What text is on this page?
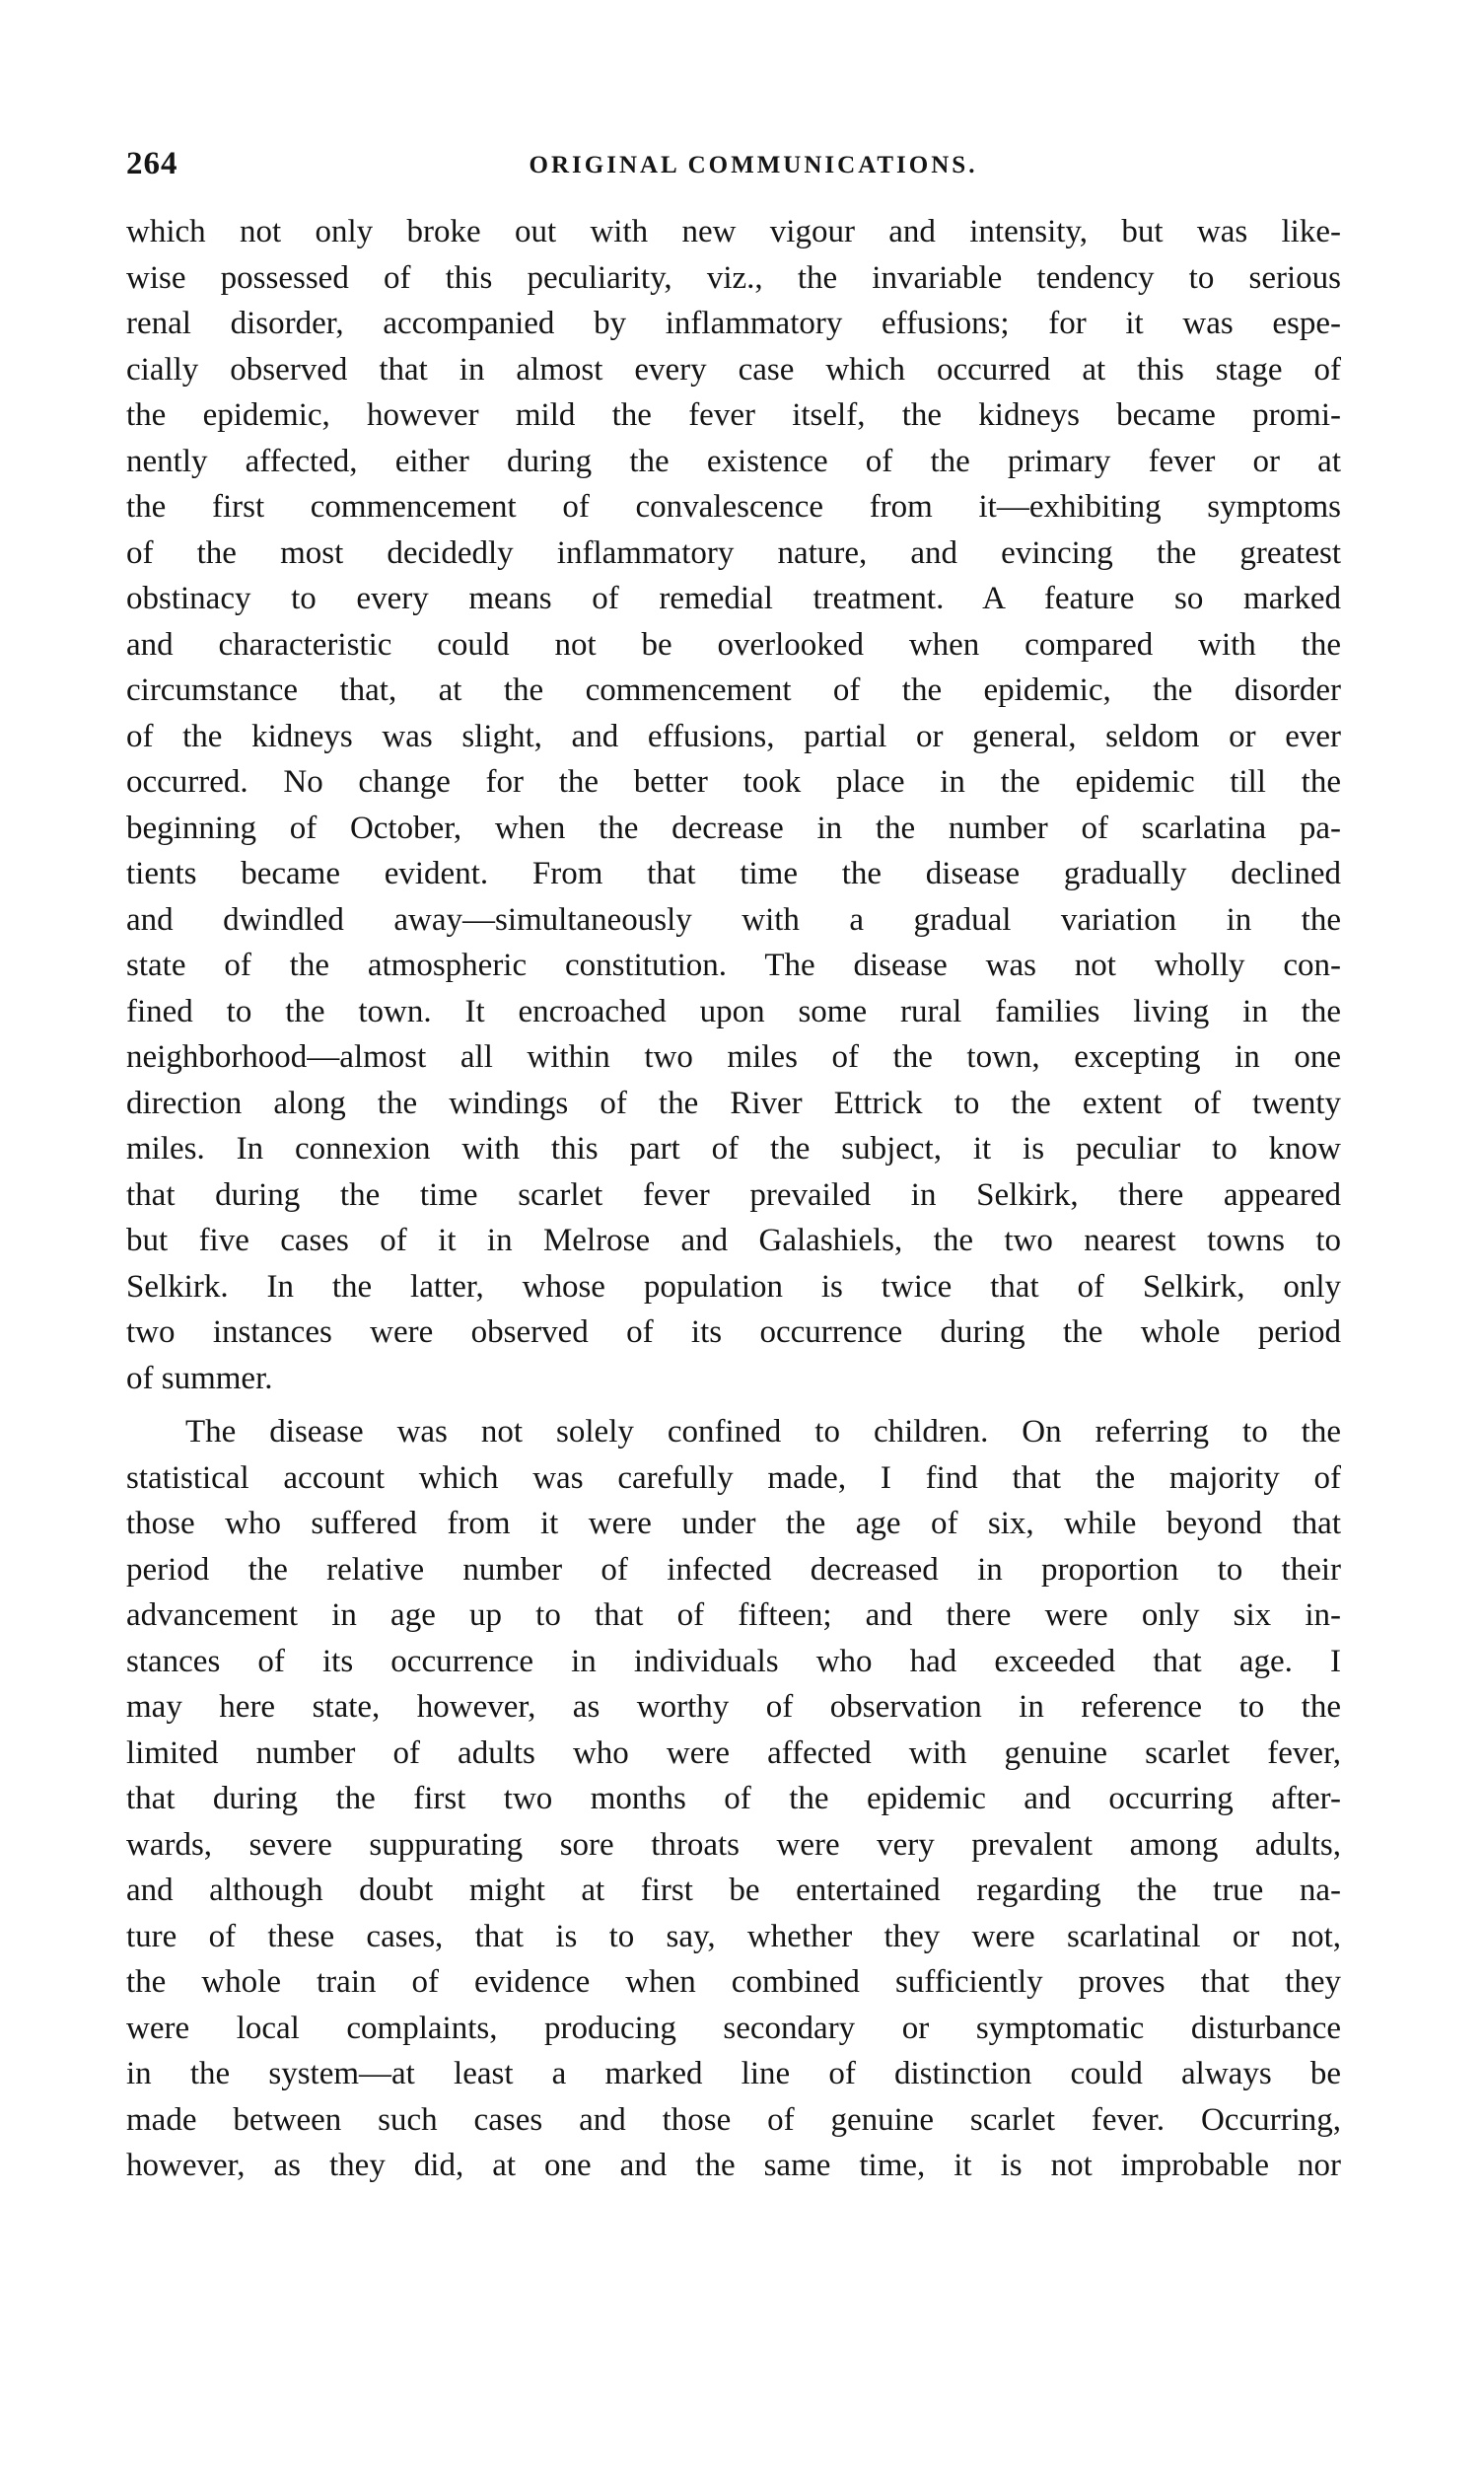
264	ORIGINAL COMMUNICATIONS.
which not only broke out with new vigour and intensity, but was like-
wise possessed of this peculiarity, viz., the invariable tendency to serious
renal disorder, accompanied by inflammatory effusions; for it was espe-
cially observed that in almost every case which occurred at this stage of
the epidemic, however mild the fever itself, the kidneys became promi-
nently affected, either during the existence of the primary fever or at
the first commencement of convalescence from it—exhibiting symptoms
of the most decidedly inflammatory nature, and evincing the greatest
obstinacy to every means of remedial treatment. A feature so marked
and characteristic could not be overlooked when compared with the
circumstance that, at the commencement of the epidemic, the disorder
of the kidneys was slight, and effusions, partial or general, seldom or ever
occurred. No change for the better took place in the epidemic till the
beginning of October, when the decrease in the number of scarlatina pa-
tients became evident. From that time the disease gradually declined
and dwindled away—simultaneously with a gradual variation in the
state of the atmospheric constitution. The disease was not wholly con-
fined to the town. It encroached upon some rural families living in the
neighborhood—almost all within two miles of the town, excepting in one
direction along the windings of the River Ettrick to the extent of twenty
miles. In connexion with this part of the subject, it is peculiar to know
that during the time scarlet fever prevailed in Selkirk, there appeared
but five cases of it in Melrose and Galashiels, the two nearest towns to
Selkirk. In the latter, whose population is twice that of Selkirk, only
two instances were observed of its occurrence during the whole period
of summer.
The disease was not solely confined to children. On referring to the
statistical account which was carefully made, I find that the majority of
those who suffered from it were under the age of six, while beyond that
period the relative number of infected decreased in proportion to their
advancement in age up to that of fifteen; and there were only six in-
stances of its occurrence in individuals who had exceeded that age. I
may here state, however, as worthy of observation in reference to the
limited number of adults who were affected with genuine scarlet fever,
that during the first two months of the epidemic and occurring after-
wards, severe suppurating sore throats were very prevalent among adults,
and although doubt might at first be entertained regarding the true na-
ture of these cases, that is to say, whether they were scarlatinal or not,
the whole train of evidence when combined sufficiently proves that they
were local complaints, producing secondary or symptomatic disturbance
in the system—at least a marked line of distinction could always be
made between such cases and those of genuine scarlet fever. Occurring,
however, as they did, at one and the same time, it is not improbable nor
